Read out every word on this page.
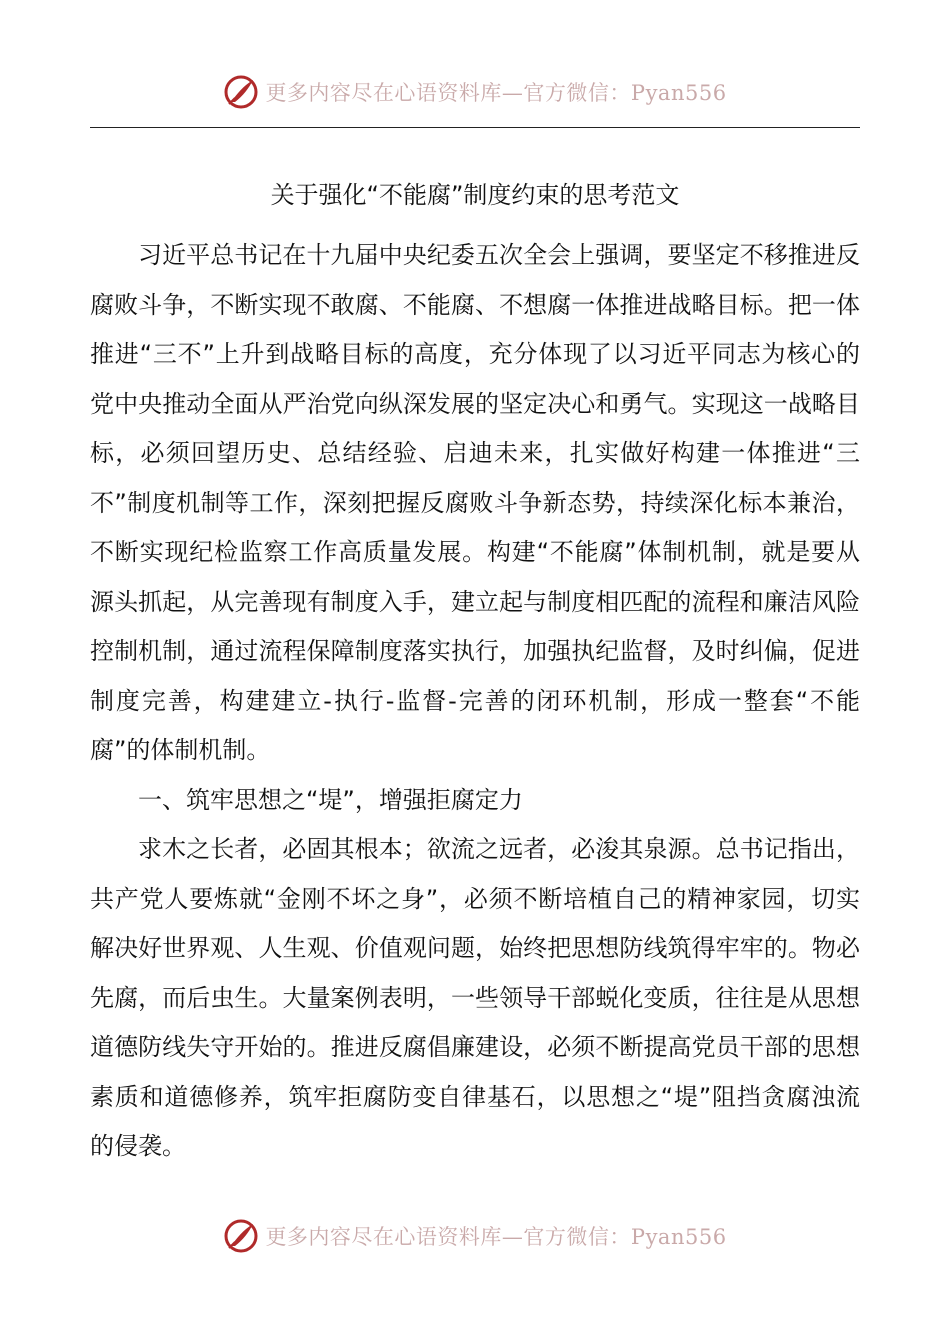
更多内容尽在心语资料库—官方微信：Pyan556
关于强化“不能腐”制度约束的思考范文
习近平总书记在十九届中央纪委五次全会上强调，要坚定不移推进反
腐败斗争，不断实现不敢腐、不能腐、不想腐一体推进战略目标。把一体
推进“三不”上升到战略目标的高度，充分体现了以习近平同志为核心的
党中央推动全面从严治党向纵深发展的坚定决心和勇气。实现这一战略目
标，必须回望历史、总结经验、启迪未来，扎实做好构建一体推进“三
不”制度机制等工作，深刻把握反腐败斗争新态势，持续深化标本兼治，
不断实现纪检监察工作高质量发展。构建“不能腐”体制机制，就是要从
源头抓起，从完善现有制度入手，建立起与制度相匹配的流程和廉洁风险
控制机制，通过流程保障制度落实执行，加强执纪监督，及时纠偏，促进
制度完善，构建建立-执行-监督-完善的闭环机制，形成一整套“不能
腐”的体制机制。
一、筑牢思想之“堤”，增强拒腐定力
求木之长者，必固其根本；欲流之远者，必浚其泉源。总书记指出，
共产党人要炼就“金刚不坏之身”，必须不断培植自己的精神家园，切实
解决好世界观、人生观、价值观问题，始终把思想防线筑得牢牢的。物必
先腐，而后虫生。大量案例表明，一些领导干部蜕化变质，往往是从思想
道德防线失守开始的。推进反腐倡廉建设，必须不断提高党员干部的思想
素质和道德修养，筑牢拒腐防变自律基石，以思想之“堤”阻挡贪腐浊流
的侵袭。
更多内容尽在心语资料库—官方微信：Pyan556
